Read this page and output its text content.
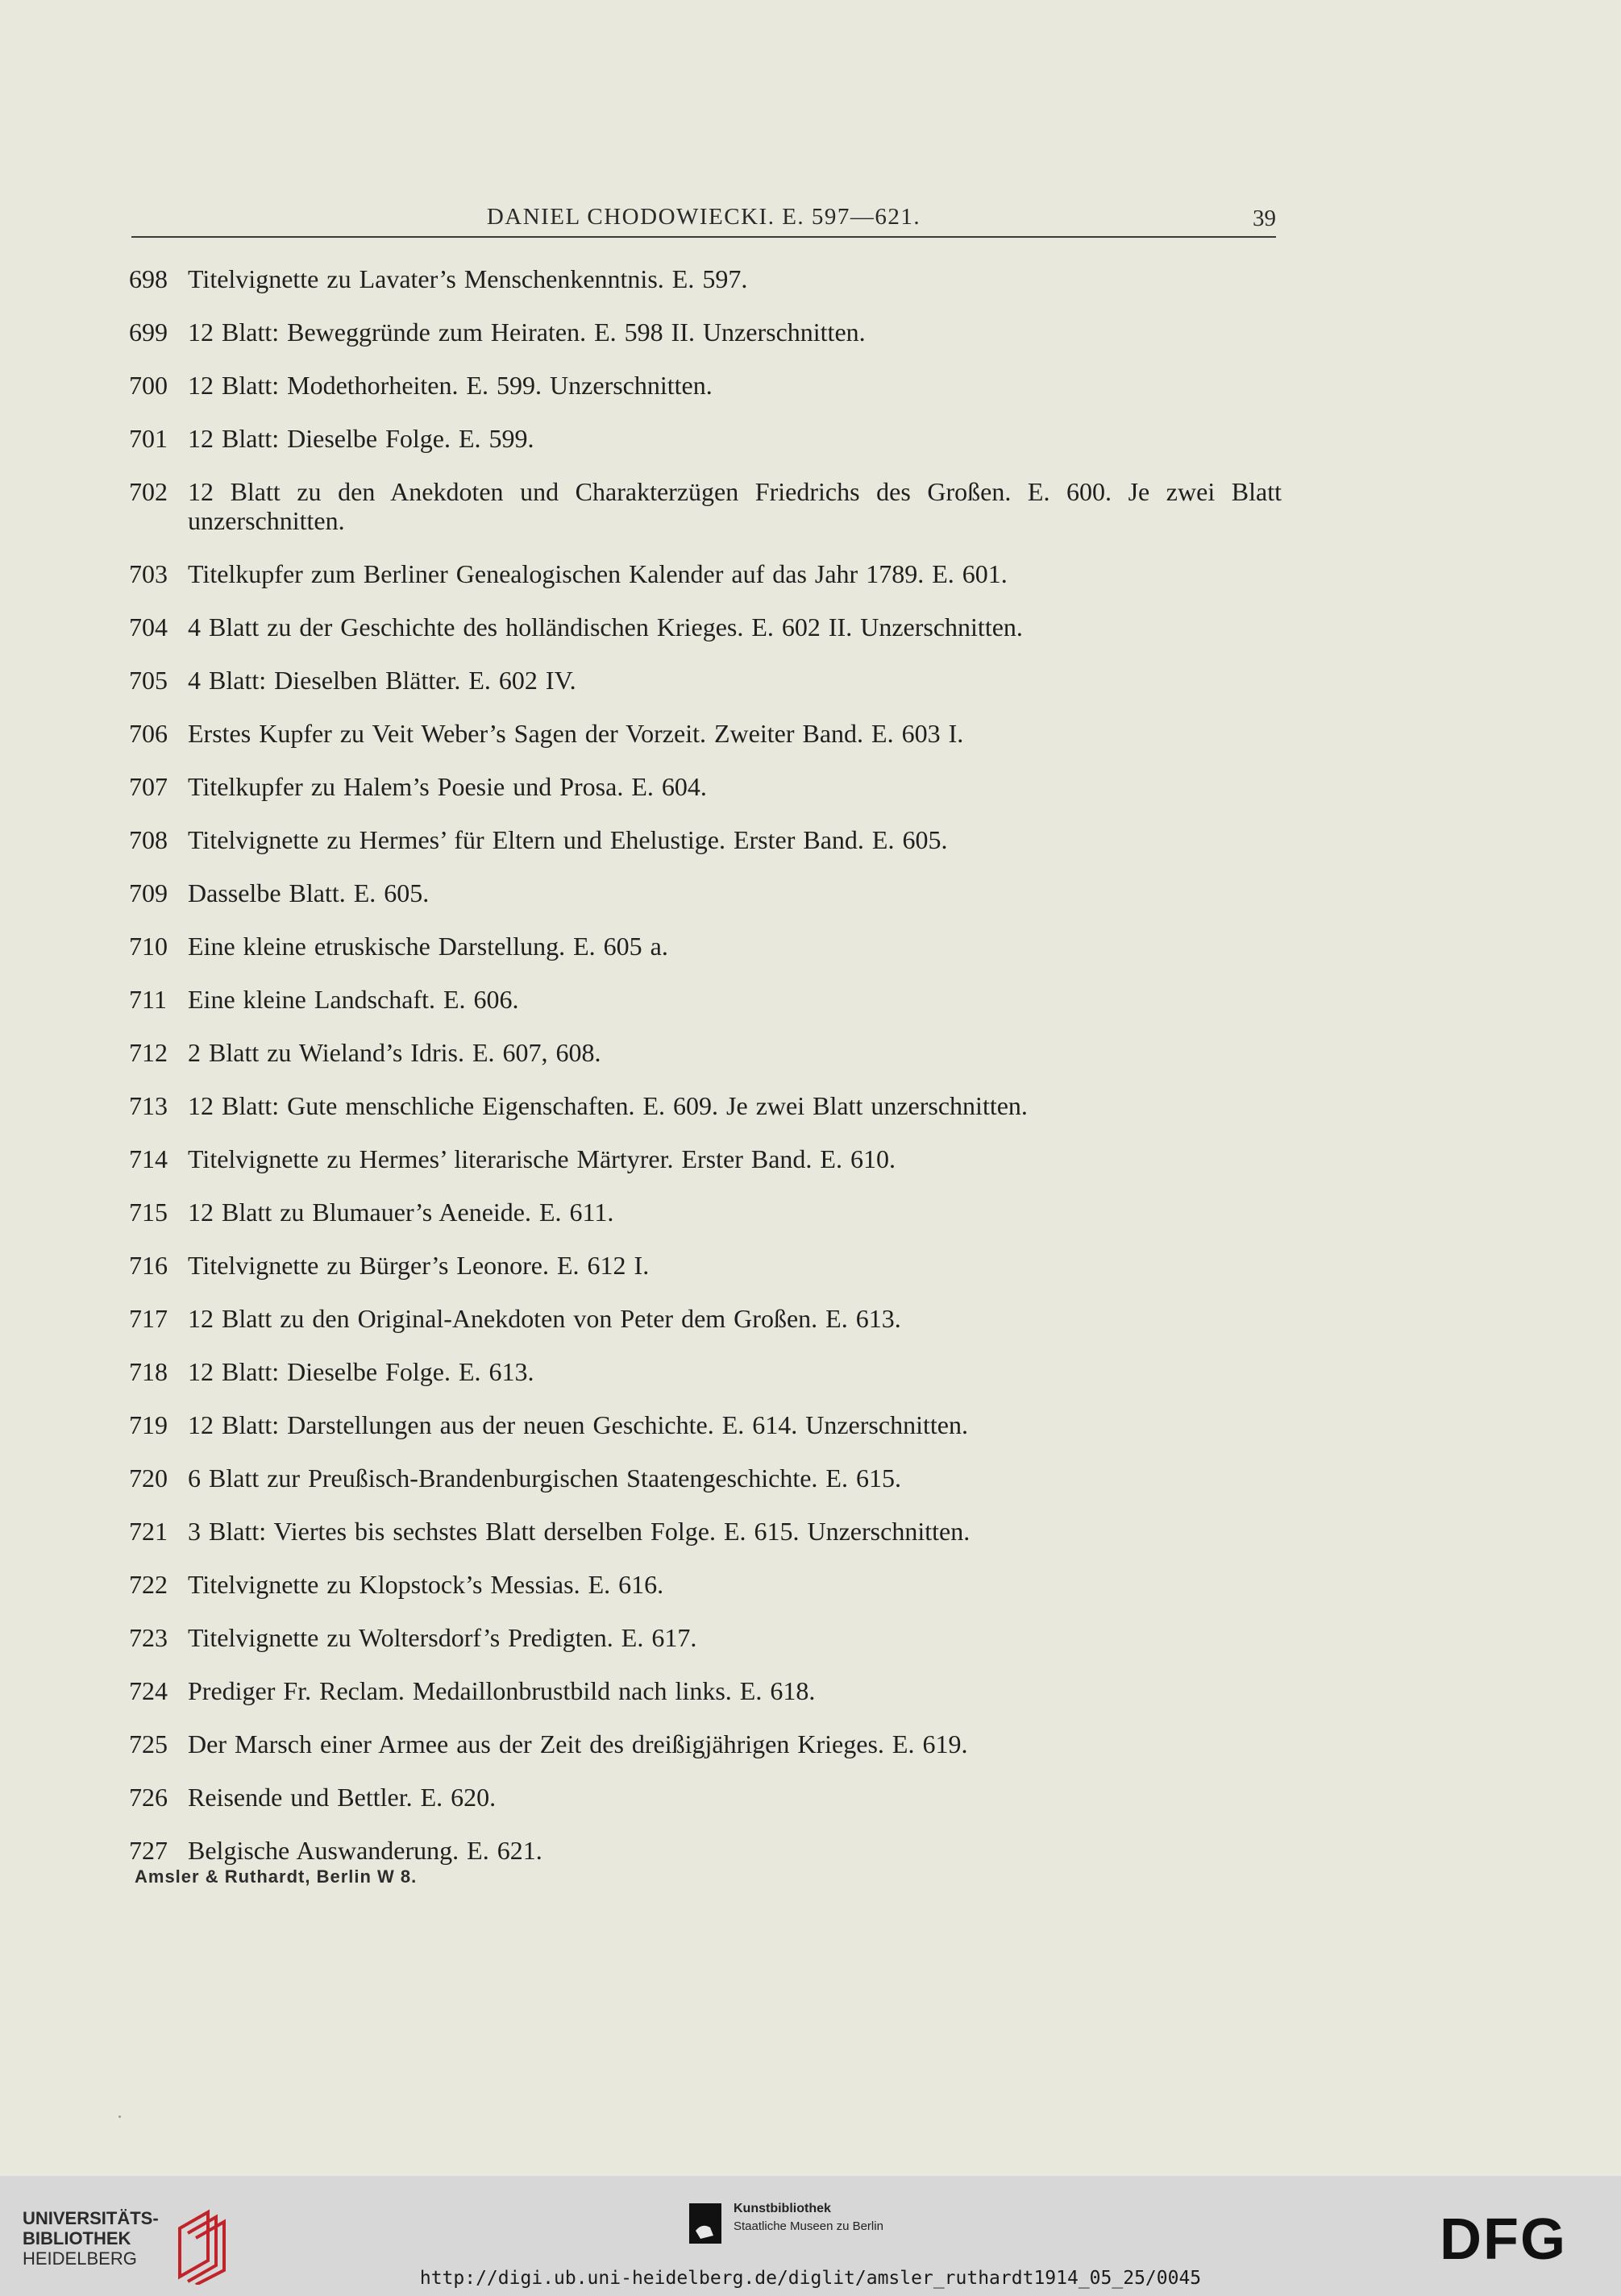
DANIEL CHODOWIECKI. E. 597—621.	39
698 Titelvignette zu Lavater’s Menschenkenntnis. E. 597.
699 12 Blatt: Beweggründe zum Heiraten. E. 598 II. Unzerschnitten.
700 12 Blatt: Modethorheiten. E. 599. Unzerschnitten.
701 12 Blatt: Dieselbe Folge. E. 599.
702 12 Blatt zu den Anekdoten und Charakterzügen Friedrichs des Großen. E. 600. Je zwei Blatt unzerschnitten.
703 Titelkupfer zum Berliner Genealogischen Kalender auf das Jahr 1789. E. 601.
704 4 Blatt zu der Geschichte des holländischen Krieges. E. 602 II. Unzerschnitten.
705 4 Blatt: Dieselben Blätter. E. 602 IV.
706 Erstes Kupfer zu Veit Weber’s Sagen der Vorzeit. Zweiter Band. E. 603 I.
707 Titelkupfer zu Halem’s Poesie und Prosa. E. 604.
708 Titelvignette zu Hermes’ für Eltern und Ehelustige. Erster Band. E. 605.
709 Dasselbe Blatt. E. 605.
710 Eine kleine etruskische Darstellung. E. 605 a.
711 Eine kleine Landschaft. E. 606.
712 2 Blatt zu Wieland’s Idris. E. 607, 608.
713 12 Blatt: Gute menschliche Eigenschaften. E. 609. Je zwei Blatt unzerschnitten.
714 Titelvignette zu Hermes’ literarische Märtyrer. Erster Band. E. 610.
715 12 Blatt zu Blumauer’s Aeneide. E. 611.
716 Titelvignette zu Bürger’s Leonore. E. 612 I.
717 12 Blatt zu den Original-Anekdoten von Peter dem Großen. E. 613.
718 12 Blatt: Dieselbe Folge. E. 613.
719 12 Blatt: Darstellungen aus der neuen Geschichte. E. 614. Unzerschnitten.
720 6 Blatt zur Preußisch-Brandenburgischen Staatengeschichte. E. 615.
721 3 Blatt: Viertes bis sechstes Blatt derselben Folge. E. 615. Unzerschnitten.
722 Titelvignette zu Klopstock’s Messias. E. 616.
723 Titelvignette zu Woltersdorf’s Predigten. E. 617.
724 Prediger Fr. Reclam. Medaillonbrustbild nach links. E. 618.
725 Der Marsch einer Armee aus der Zeit des dreißigjährigen Krieges. E. 619.
726 Reisende und Bettler. E. 620.
727 Belgische Auswanderung. E. 621.
Amsler & Ruthardt, Berlin W 8.
UNIVERSITÄTS-
BIBLIOTHEK
HEIDELBERG
Kunstbibliothek
Staatliche Museen zu Berlin	DFG
http://digi.ub.uni-heidelberg.de/diglit/amsler_ruthardt1914_05_25/0045
